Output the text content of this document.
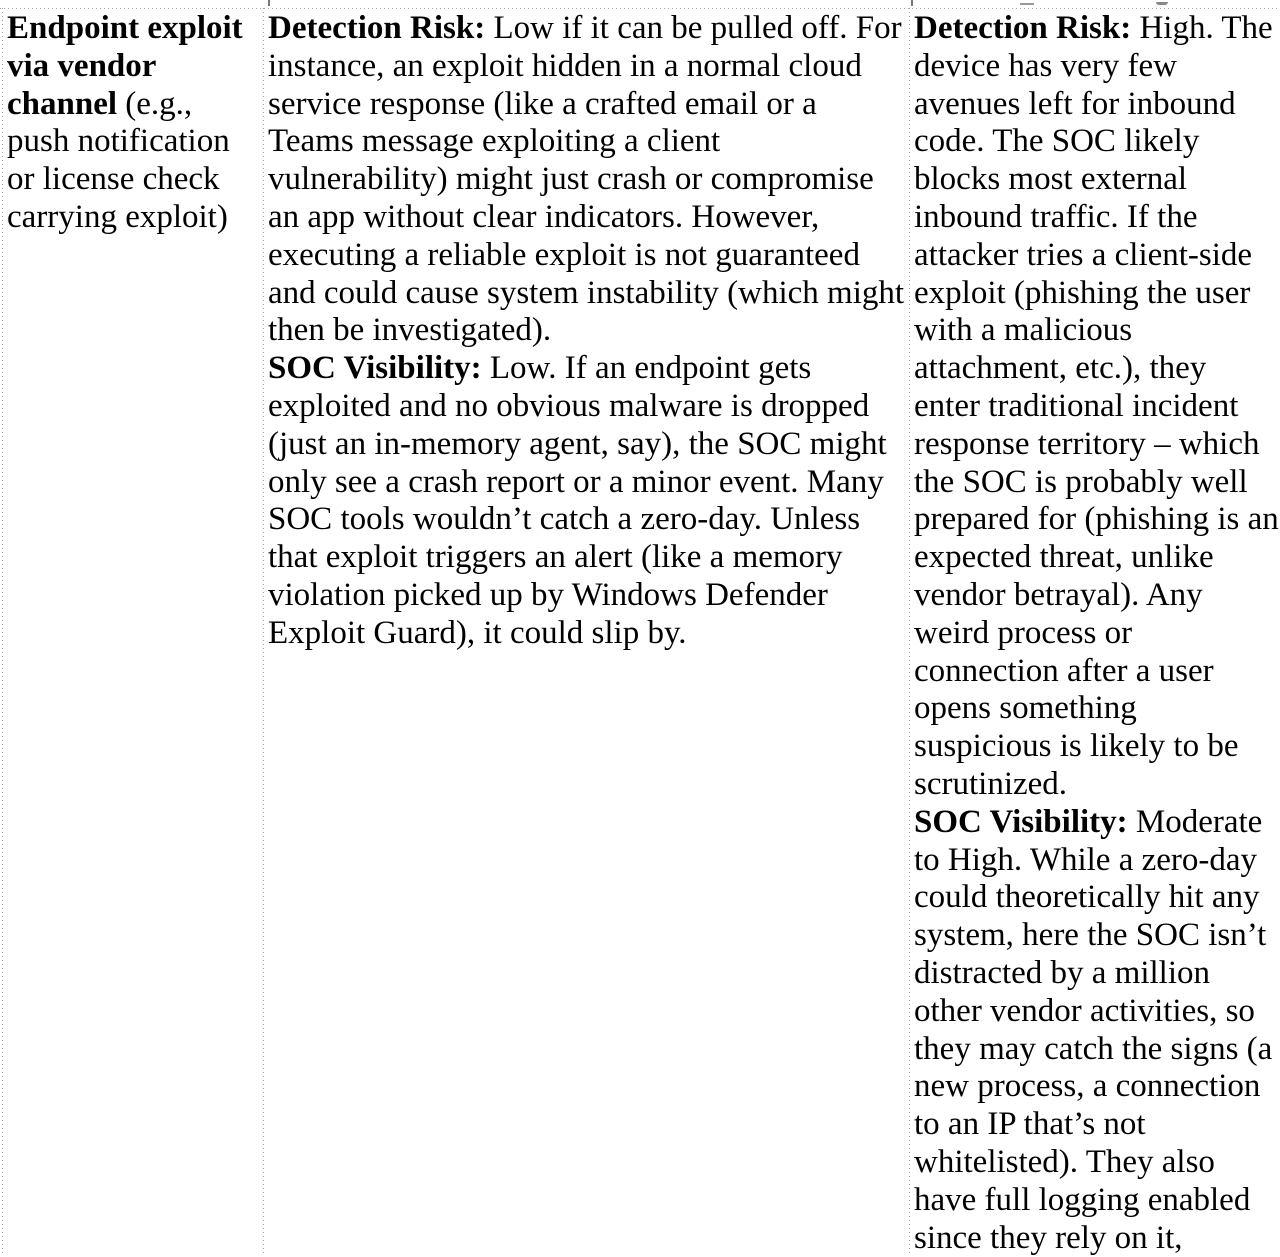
Endpoint exploit via vendor channel (e.g., push notification or license check carrying exploit)
Detection Risk: Low if it can be pulled off. For instance, an exploit hidden in a normal cloud service response (like a crafted email or a Teams message exploiting a client vulnerability) might just crash or compromise an app without clear indicators. However, executing a reliable exploit is not guaranteed and could cause system instability (which might then be investigated).
SOC Visibility: Low. If an endpoint gets exploited and no obvious malware is dropped (just an in-memory agent, say), the SOC might only see a crash report or a minor event. Many SOC tools wouldn’t catch a zero-day. Unless that exploit triggers an alert (like a memory violation picked up by Windows Defender Exploit Guard), it could slip by.
Detection Risk: High. The device has very few avenues left for inbound code. The SOC likely blocks most external inbound traffic. If the attacker tries a client-side exploit (phishing the user with a malicious attachment, etc.), they enter traditional incident response territory – which the SOC is probably well prepared for (phishing is an expected threat, unlike vendor betrayal). Any weird process or connection after a user opens something suspicious is likely to be scrutinized.
SOC Visibility: Moderate to High. While a zero-day could theoretically hit any system, here the SOC isn’t distracted by a million other vendor activities, so they may catch the signs (a new process, a connection to an IP that’s not whitelisted). They also have full logging enabled since they rely on it,
